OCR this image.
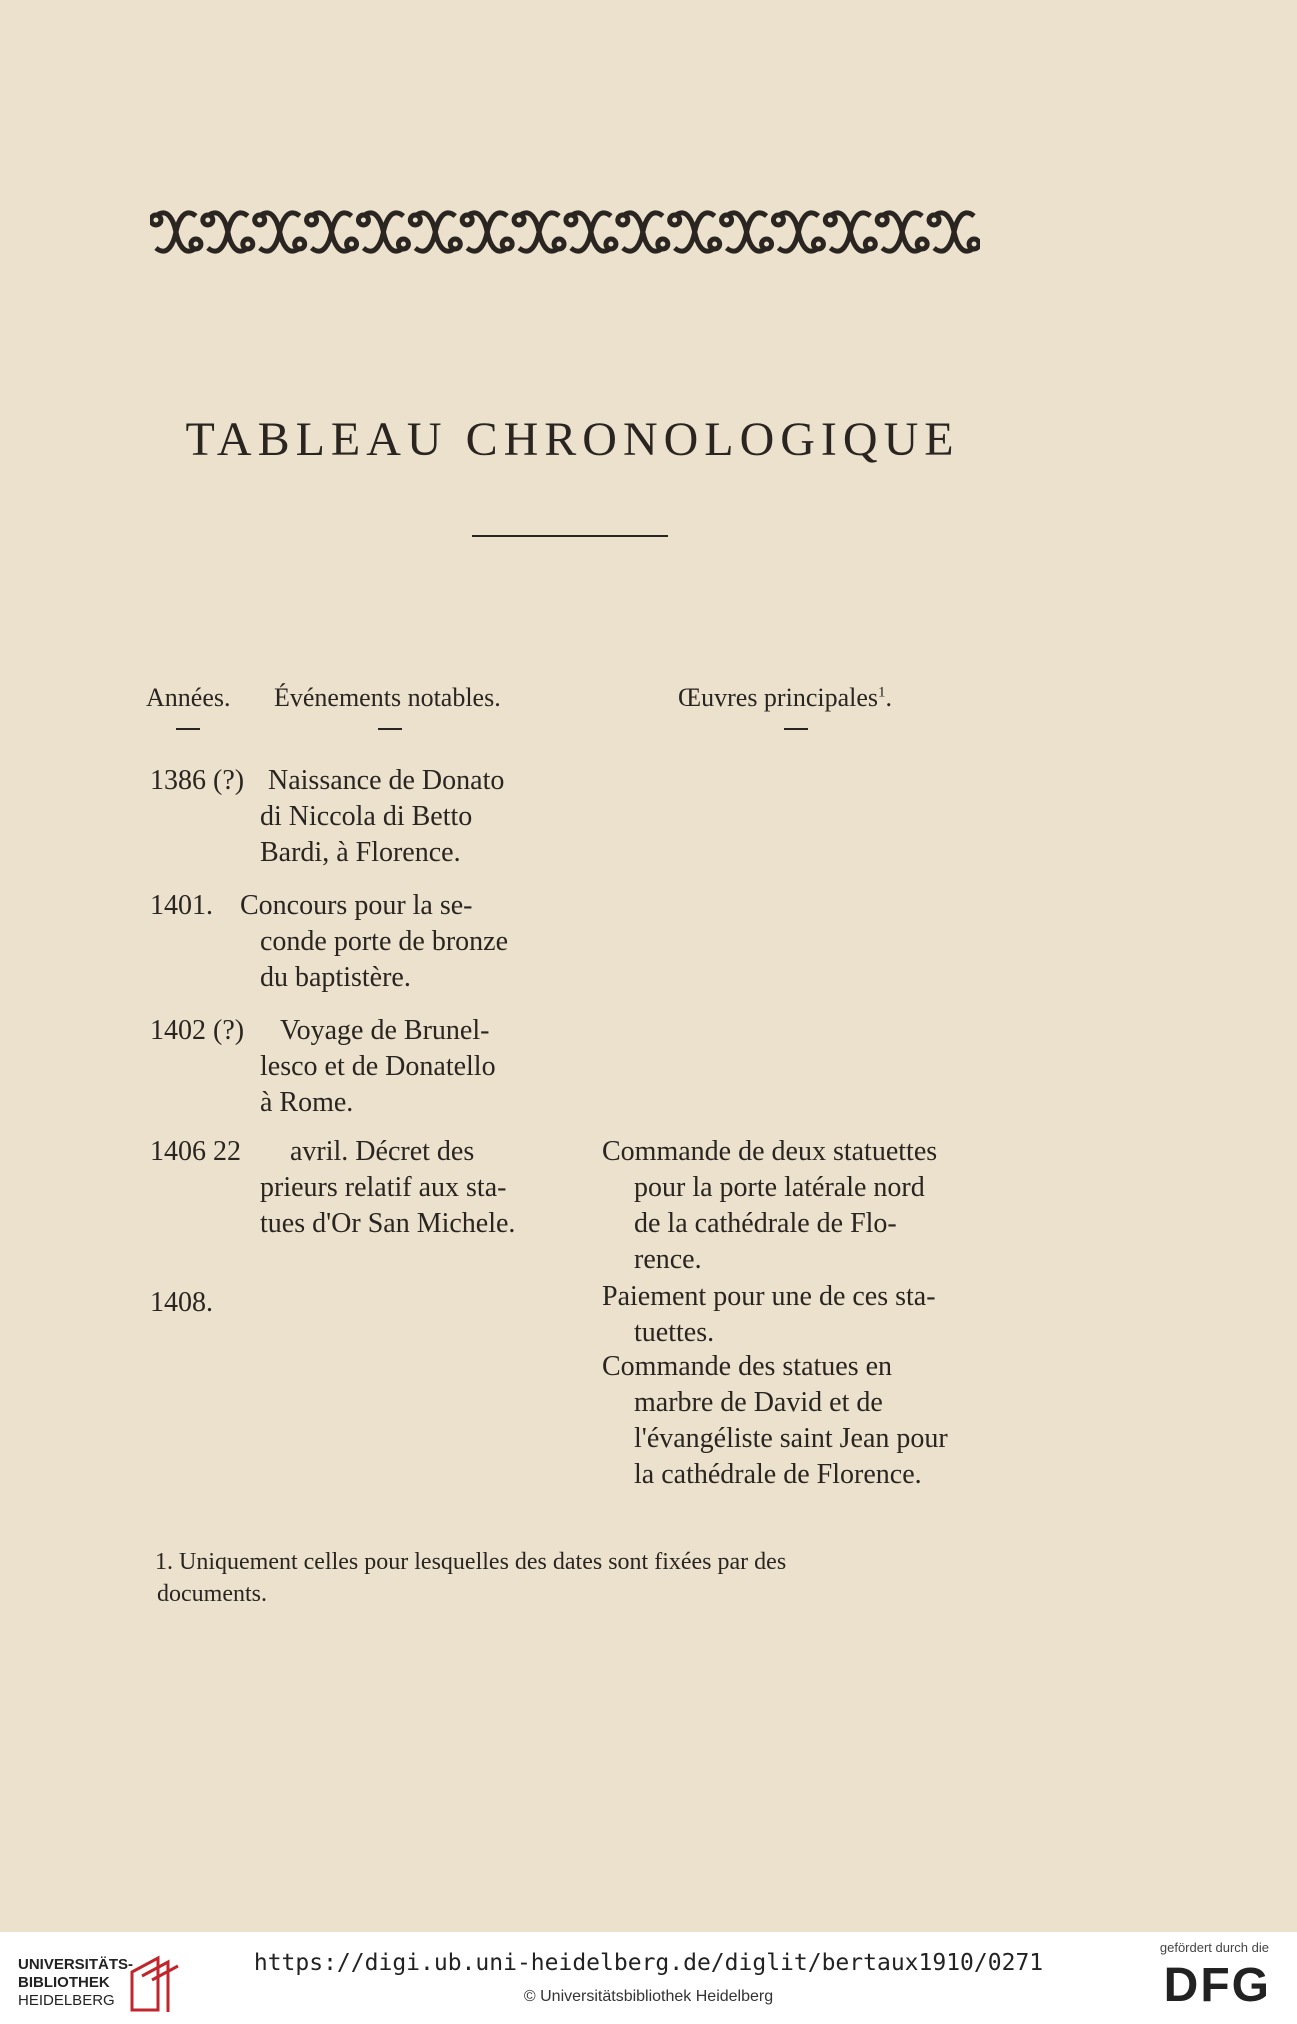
TABLEAU CHRONOLOGIQUE
Années. Événements notables.	Œuvres principales$^1$.
1386 (?) Naissance de Donato
di Niccola di Betto
Bardi, à Florence.
1401. Concours pour la se-
conde porte de bronze
du baptistère.
1402 (?) Voyage de Brunel-
lesco et de Donatello
à Rome.
1406 22 avril. Décret des
prieurs relatif aux sta-
tues d'Or San Michele.
Commande de deux statuettes
pour la porte latérale nord
de la cathédrale de Flo-
rence.
1408.	Paiement pour une de ces sta-
tuettes.
Commande des statues en
marbre de David et de
l'évangéliste saint Jean pour
la cathédrale de Florence.
1. Uniquement celles pour lesquelles des dates sont fixées par des
documents.
UNIVERSITÄTS-
BIBLIOTHEK
HEIDELBERG
https://digi.ub.uni-heidelberg.de/diglit/bertaux1910/0271
© Universitätsbibliothek Heidelberg
gefördert durch die
DFG
